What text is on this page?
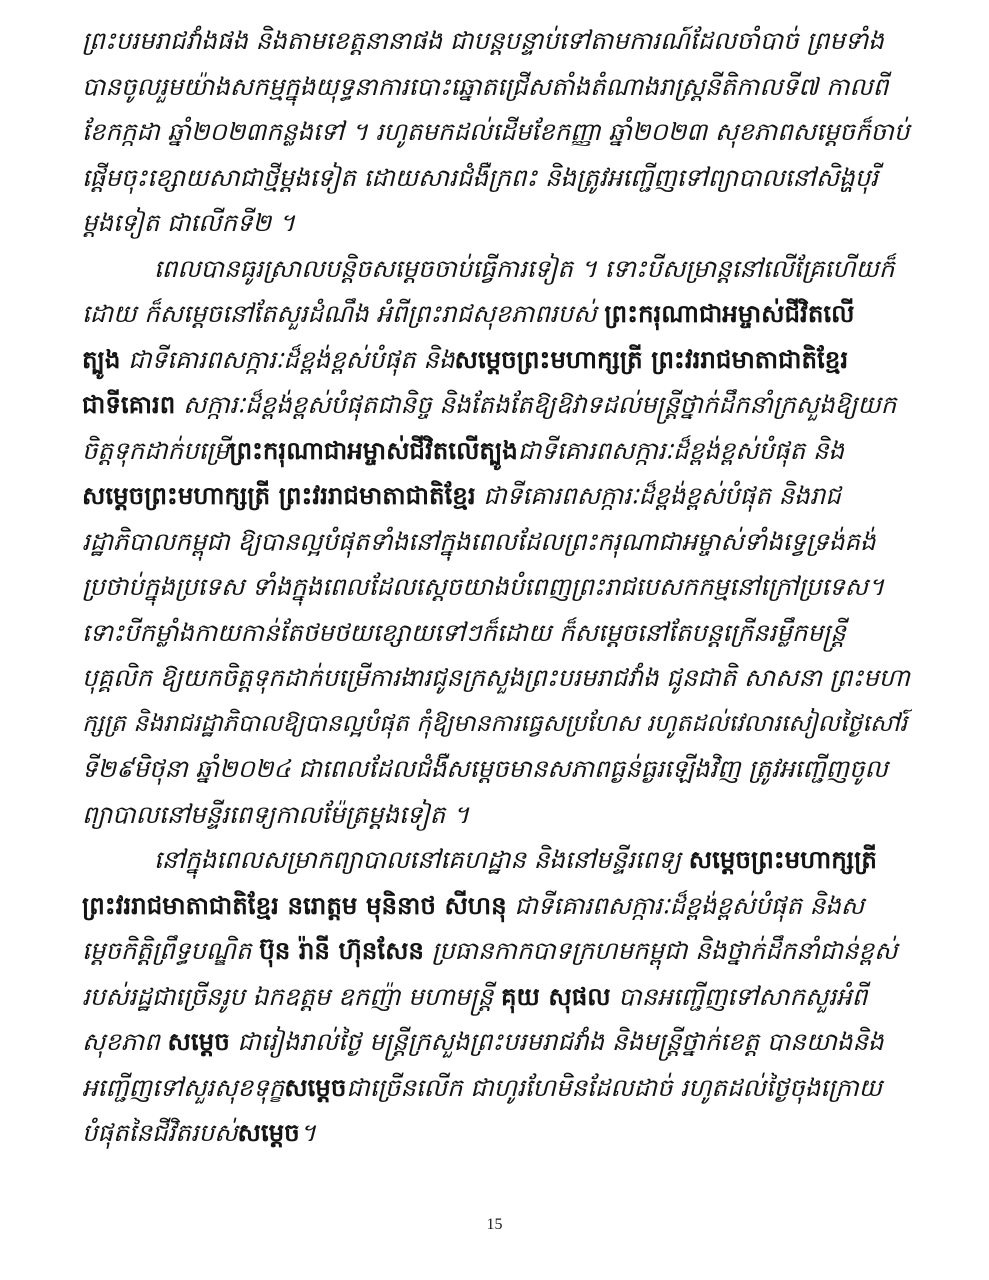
ព្រះបរមរាជវាំងផង និងតាមខេត្តនានាផង ជាបន្តបន្ទាប់ទៅតាមការណ៍ដែលចាំបាច់ ព្រមទាំង
បានចូលរួមយ៉ាងសកម្មក្នុងយុទ្ធនាការបោះឆ្នោតជ្រើសតាំងតំណាងរាស្ត្រនីតិកាលទី៧ កាលពី
ខែកក្កដា ឆ្នាំ២០២៣កន្លងទៅ ។ រហូតមកដល់ដើមខែកញ្ញា ឆ្នាំ២០២៣ សុខភាពសម្តេចក៏ចាប់
ផ្តើមចុះខ្សោយសាជាថ្មីម្តងទៀត ដោយសារជំងឺក្រពះ និងត្រូវអញ្ជើញទៅព្យាបាលនៅសិង្ហបុរី
ម្តងទៀត ជាលើកទី២ ។
ពេលបានធូរស្រាលបន្តិចសម្តេចចាប់ធ្វើការទៀត ។ ទោះបីសម្រាន្តនៅលើគ្រែហើយក៏
ដោយ ក៏សម្តេចនៅតែសួរដំណឹង អំពីព្រះរាជសុខភាពរបស់ ព្រះករុណាជាអម្ចាស់ជីវិតលើ
ត្បូង ជាទីគោរពសក្ការៈដ៏ខ្ពង់ខ្ពស់បំផុត និងសម្តេចព្រះមហាក្សត្រី ព្រះវររាជមាតាជាតិខ្មែរ
ជាទីគោរព សក្ការៈដ៏ខ្ពង់ខ្ពស់បំផុតជានិច្ច និងតែងតែឱ្យឱវាទដល់មន្ត្រីថ្នាក់ដឹកនាំក្រសួងឱ្យយក
ចិត្តទុកដាក់បម្រើព្រះករុណាជាអម្ចាស់ជីវិតលើត្បូងជាទីគោរពសក្ការៈដ៏ខ្ពង់ខ្ពស់បំផុត និង
សម្តេចព្រះមហាក្សត្រី ព្រះវររាជមាតាជាតិខ្មែរ ជាទីគោរពសក្ការៈដ៏ខ្ពង់ខ្ពស់បំផុត និងរាជ
រដ្ឋាភិបាលកម្ពុជា ឱ្យបានល្អបំផុតទាំងនៅក្នុងពេលដែលព្រះករុណាជាអម្ចាស់ទាំងទ្វេទ្រង់គង់
ប្រថាប់ក្នុងប្រទេស ទាំងក្នុងពេលដែលស្តេចយាងបំពេញព្រះរាជបេសកកម្មនៅក្រៅប្រទេស។
ទោះបីកម្លាំងកាយកាន់តែថមថយខ្សោយទៅៗក៏ដោយ ក៏សម្តេចនៅតែបន្តក្រើនរម្លឹកមន្ត្រី
បុគ្គលិក ឱ្យយកចិត្តទុកដាក់បម្រើការងារជូនក្រសួងព្រះបរមរាជវាំង ជូនជាតិ សាសនា ព្រះមហា
ក្សត្រ និងរាជរដ្ឋាភិបាលឱ្យបានល្អបំផុត កុំឱ្យមានការធ្វេសប្រហែស រហូតដល់វេលារសៀលថ្ងៃសៅរ៍
ទី២៩មិថុនា ឆ្នាំ២០២៤ ជាពេលដែលជំងឺសម្តេចមានសភាពធ្ងន់ធ្ងរឡើងវិញ ត្រូវអញ្ជើញចូល
ព្យាបាលនៅមន្ទីរពេទ្យកាលម៉ែត្រម្តងទៀត ។
នៅក្នុងពេលសម្រាកព្យាបាលនៅគេហដ្ឋាន និងនៅមន្ទីរពេទ្យ សម្តេចព្រះមហាក្សត្រី
ព្រះវររាជមាតាជាតិខ្មែរ នរោត្តម មុនិនាថ សីហនុ ជាទីគោរពសក្ការៈដ៏ខ្ពង់ខ្ពស់បំផុត និងស
ម្តេចកិត្តិព្រឹទ្ធបណ្ឌិត ប៊ុន រ៉ានី ហ៊ុនសែន ប្រធានកាកបាទក្រហមកម្ពុជា និងថ្នាក់ដឹកនាំជាន់ខ្ពស់
របស់រដ្ឋជាច្រើនរូប ឯកឧត្តម ឧកញ៉ា មហាមន្ត្រី គុយ សុផល បានអញ្ជើញទៅសាកសួរអំពី
សុខភាព សម្តេច ជារៀងរាល់ថ្ងៃ មន្ត្រីក្រសួងព្រះបរមរាជវាំង និងមន្ត្រីថ្នាក់ខេត្ត បានយាងនិង
អញ្ជើញទៅសួរសុខទុក្ខសម្តេចជាច្រើនលើក ជាហូរហែមិនដែលដាច់ រហូតដល់ថ្ងៃចុងក្រោយ
បំផុតនៃជីវិតរបស់សម្តេច។
15
